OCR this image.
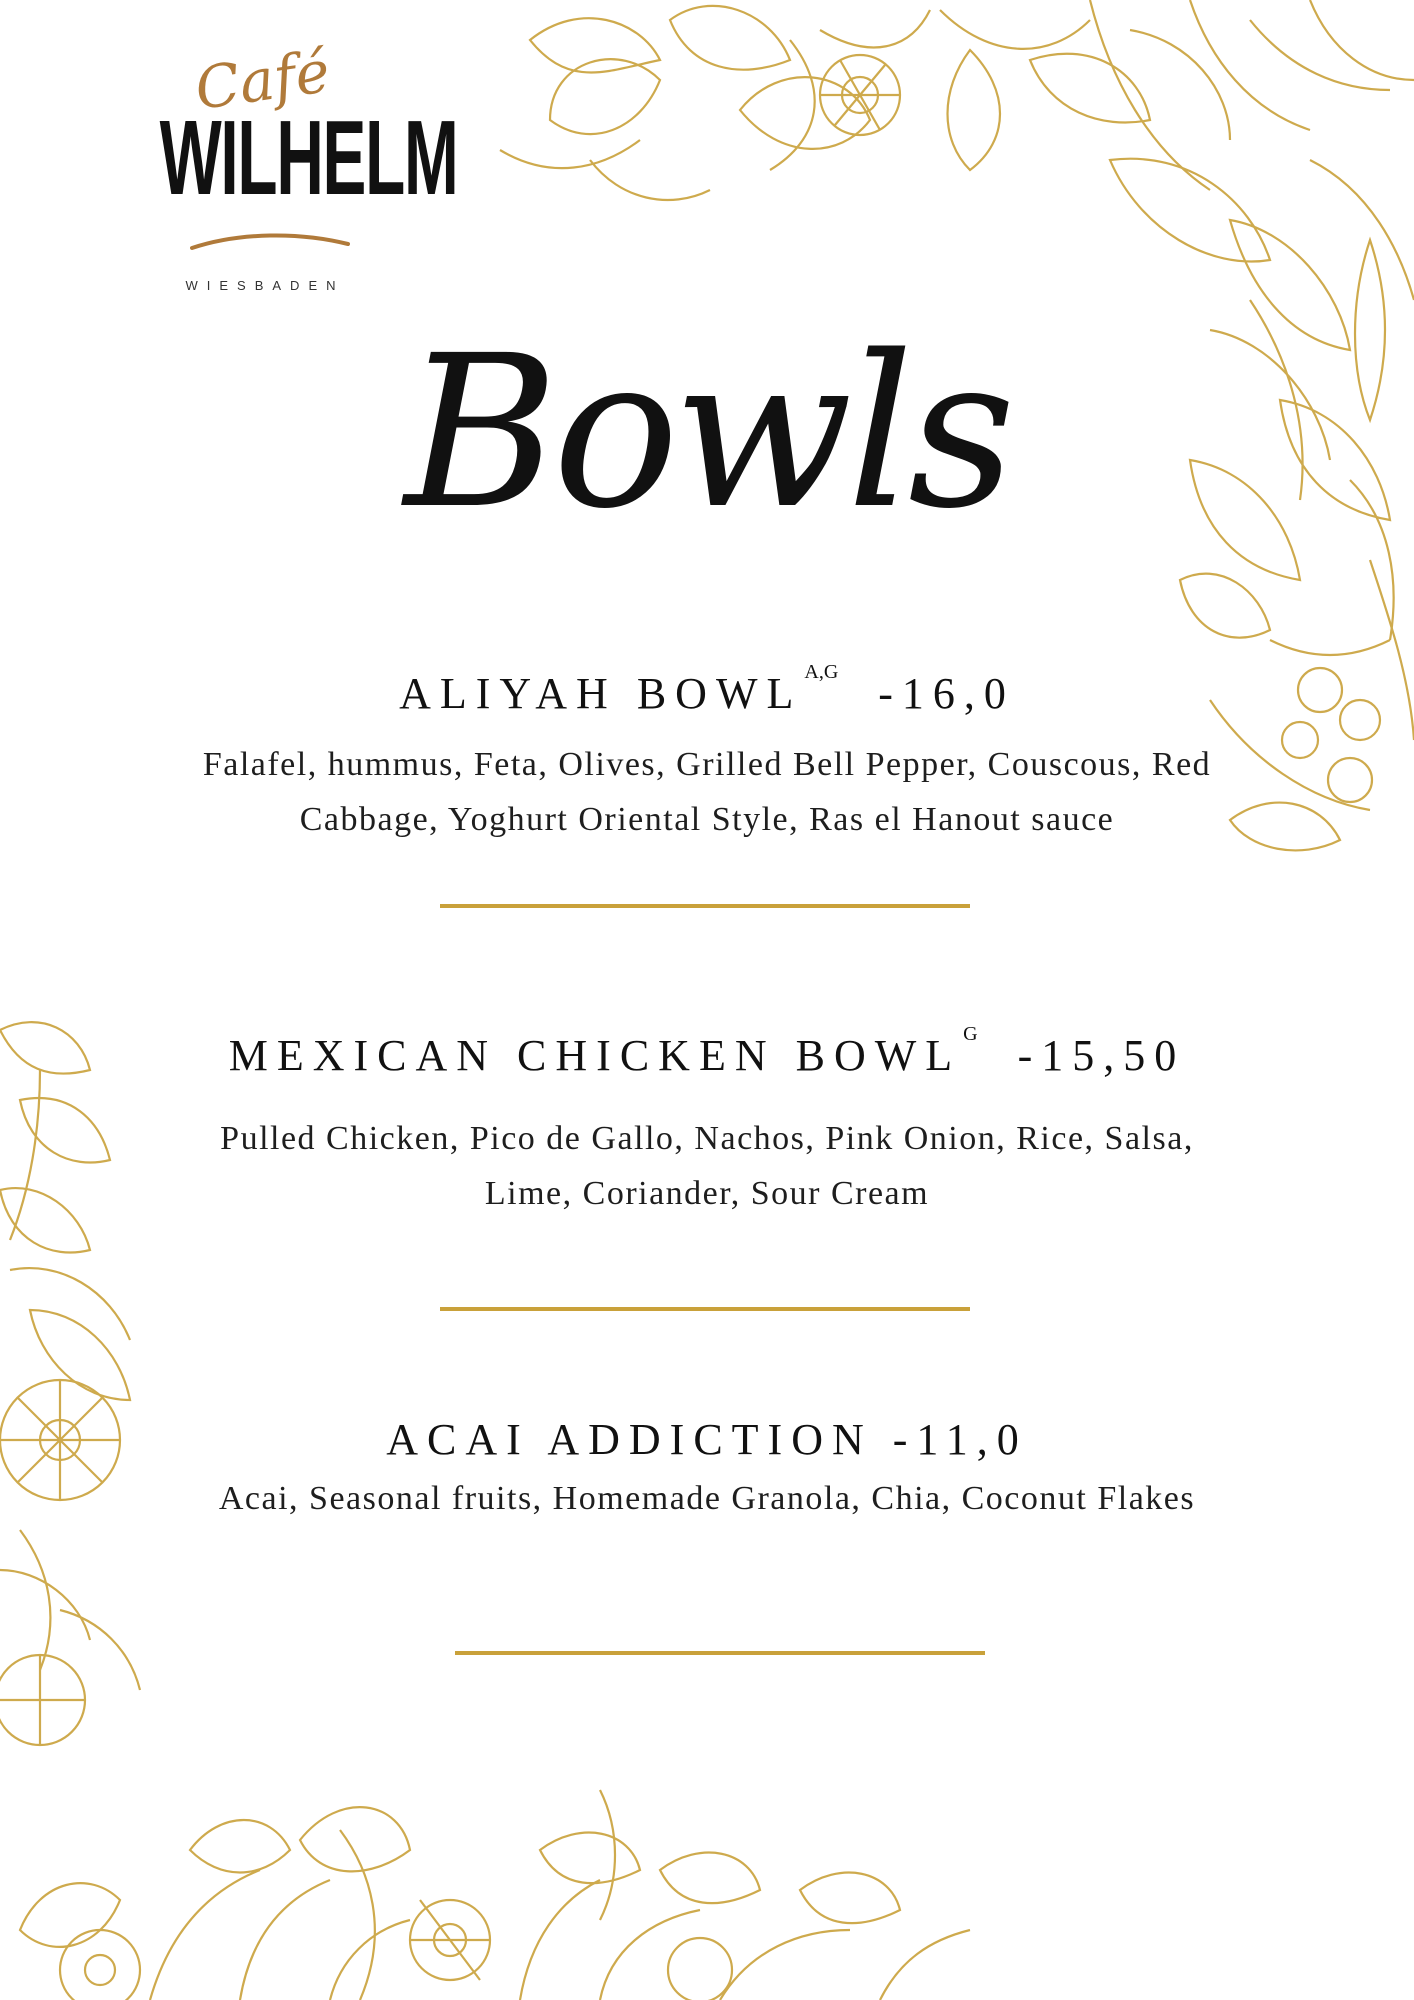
Café
WILHELM
WIESBADEN
Bowls
ALIYAH BOWL $^{A,G}$ -16,0
Falafel, hummus, Feta, Olives, Grilled Bell Pepper, Couscous, Red
Cabbage, Yoghurt Oriental Style, Ras el Hanout sauce
MEXICAN CHICKEN BOWL $^G$ -15,50
Pulled Chicken, Pico de Gallo, Nachos, Pink Onion, Rice, Salsa,
Lime, Coriander, Sour Cream
ACAI ADDICTION -11,0
Acai, Seasonal fruits, Homemade Granola, Chia, Coconut Flakes
